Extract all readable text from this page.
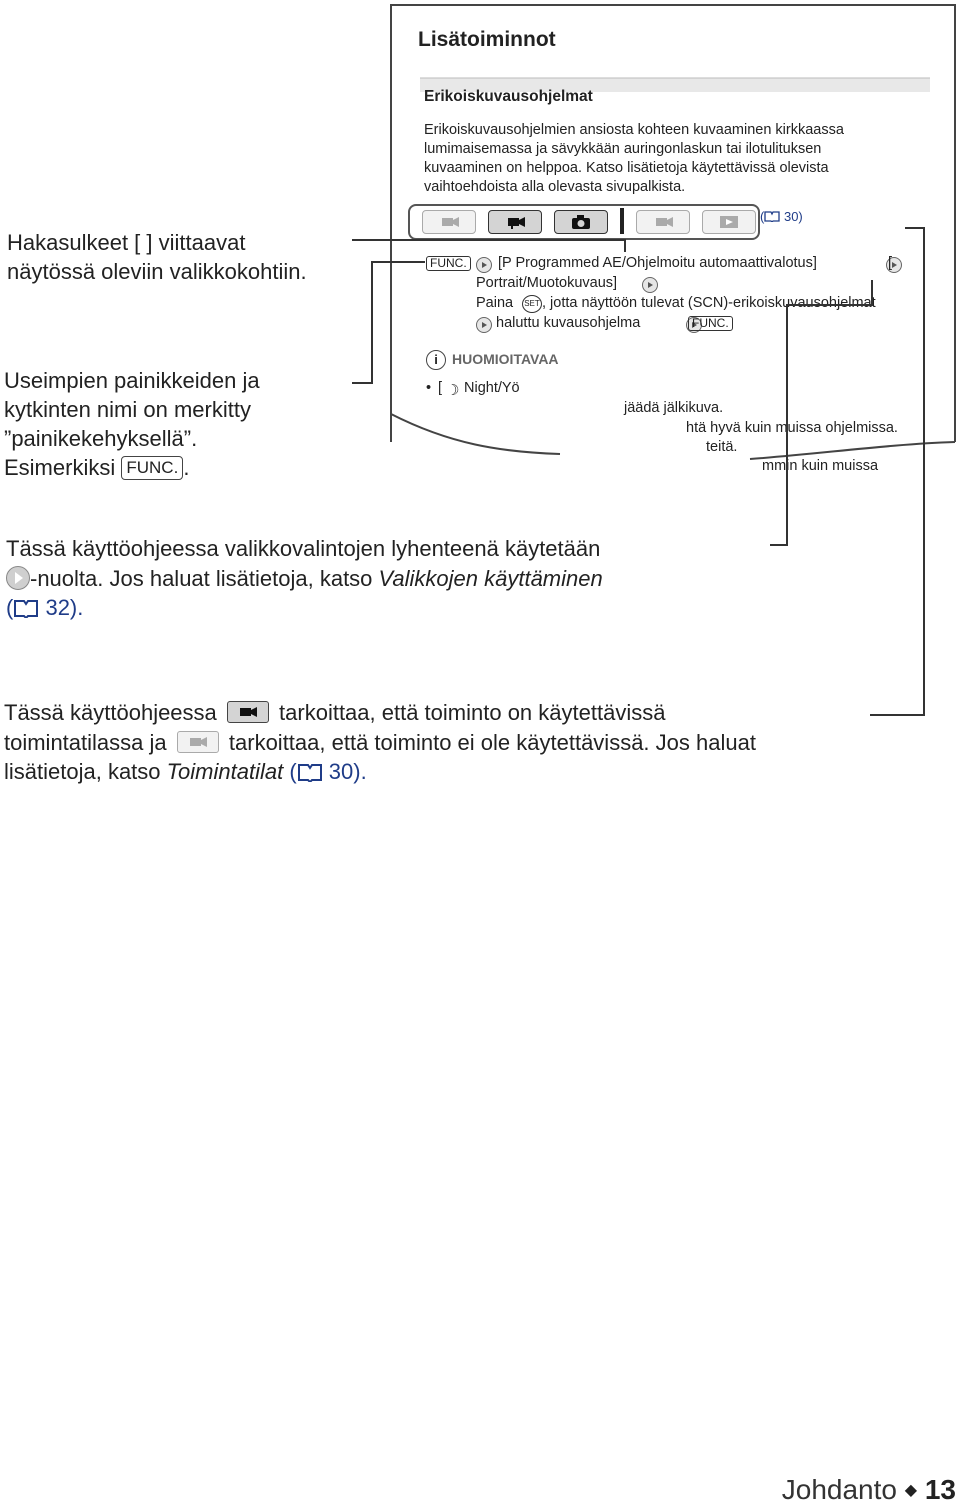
Lisätoiminnot
Erikoiskuvausohjelmat
Erikoiskuvausohjelmien ansiosta kohteen kuvaaminen kirkkaassa
lumimaisemassa ja sävykkään auringonlaskun tai ilotulituksen
kuvaaminen on helppoa. Katso lisätietoja käytettävissä olevista
vaihtoehdoista alla olevasta sivupalkista.
( 30)
FUNC.
[P Programmed AE/Ohjelmoitu automaattivalotus]	[
Portrait/Muotokuvaus]
Paina SET , jotta näyttöön tulevat (SCN)-erikoiskuvausohjelmat

haluttu kuvausohjelma	FUNC.
i	HUOMIOITAVAA
• [ ☽ Night/Yö
jäädä jälkikuva.
htä hyvä kuin muissa ohjelmissa.
teitä.
mmin kuin muissa
Hakasulkeet [ ] viittaavat
näytössä oleviin valikkokohtiin.
Useimpien painikkeiden ja
kytkinten nimi on merkitty
”painikekehyksellä”.
Esimerkiksi FUNC. .
Tässä käyttöohjeessa valikkovalintojen lyhenteenä käytetään
-nuolta. Jos haluat lisätietoja, katso Valikkojen käyttäminen
( 32).
Tässä käyttöohjeessa	tarkoittaa, että toiminto on käytettävissä
toimintatilassa ja	tarkoittaa, että toiminto ei ole käytettävissä. Jos haluat
lisätietoja, katso Toimintatilat ( 30).
Johdanto ◆ 13
